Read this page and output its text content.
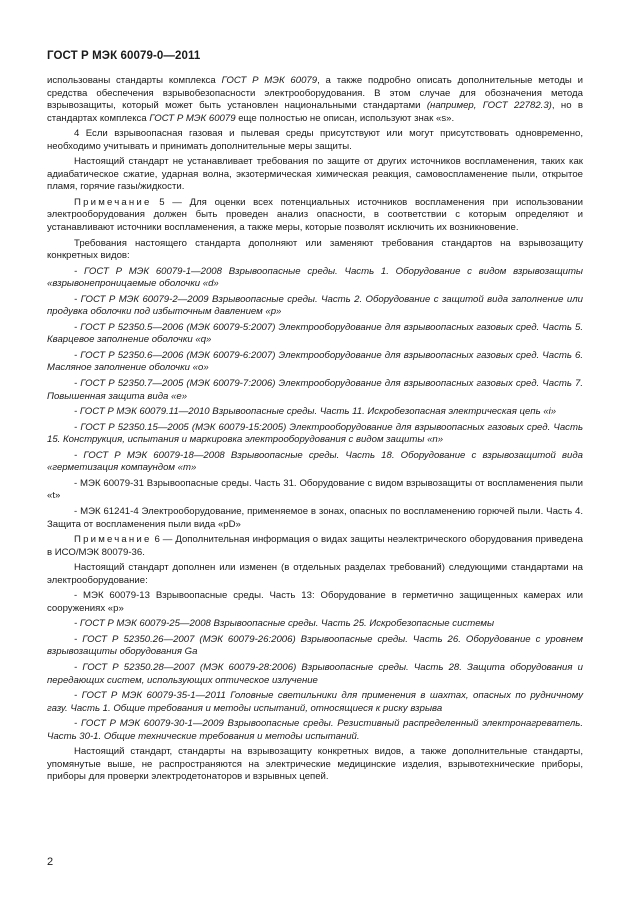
ГОСТ Р МЭК 60079-0—2011

использованы стандарты комплекса ГОСТ Р МЭК 60079, а также подробно описать дополнительные методы и средства обеспечения взрывобезопасности электрооборудования. В этом случае для обозначения метода взрывозащиты, который может быть установлен национальными стандартами (например, ГОСТ 22782.3), но в стандартах комплекса ГОСТ Р МЭК 60079 еще полностью не описан, используют знак «s».

4 Если взрывоопасная газовая и пылевая среды присутствуют или могут присутствовать одновременно, необходимо учитывать и принимать дополнительные меры защиты.

Настоящий стандарт не устанавливает требования по защите от других источников воспламенения, таких как адиабатическое сжатие, ударная волна, экзотермическая химическая реакция, самовоспламенение пыли, открытое пламя, горячие газы/жидкости.

Примечание 5 — Для оценки всех потенциальных источников воспламенения при использовании электрооборудования должен быть проведен анализ опасности, в соответствии с которым определяют и устанавливают источники воспламенения, а также меры, которые позволят исключить их возникновение.

Требования настоящего стандарта дополняют или заменяют требования стандартов на взрывозащиту конкретных видов:

- ГОСТ Р МЭК 60079-1—2008 Взрывоопасные среды. Часть 1. Оборудование с видом взрывозащиты «взрывонепроницаемые оболочки «d»

- ГОСТ Р МЭК 60079-2—2009 Взрывоопасные среды. Часть 2. Оборудование с защитой вида заполнение или продувка оболочки под избыточным давлением «р»

- ГОСТ Р 52350.5—2006 (МЭК 60079-5:2007) Электрооборудование для взрывоопасных газовых сред. Часть 5. Кварцевое заполнение оболочки «q»

- ГОСТ Р 52350.6—2006 (МЭК 60079-6:2007) Электрооборудование для взрывоопасных газовых сред. Часть 6. Масляное заполнение оболочки «о»

- ГОСТ Р 52350.7—2005 (МЭК 60079-7:2006) Электрооборудование для взрывоопасных газовых сред. Часть 7. Повышенная защита вида «е»

- ГОСТ Р МЭК 60079.11—2010 Взрывоопасные среды. Часть 11. Искробезопасная электрическая цепь «i»

- ГОСТ Р 52350.15—2005 (МЭК 60079-15:2005) Электрооборудование для взрывоопасных газовых сред. Часть 15. Конструкция, испытания и маркировка электрооборудования с видом защиты «n»

- ГОСТ Р МЭК 60079-18—2008 Взрывоопасные среды. Часть 18. Оборудование с взрывозащитой вида «герметизация компаундом «m»

- МЭК 60079-31 Взрывоопасные среды. Часть 31. Оборудование с видом взрывозащиты от воспламенения пыли «t»

- МЭК 61241-4 Электрооборудование, применяемое в зонах, опасных по воспламенению горючей пыли. Часть 4. Защита от воспламенения пыли вида «рD»

Примечание 6 — Дополнительная информация о видах защиты неэлектрического оборудования приведена в ИСО/МЭК 80079-36.

Настоящий стандарт дополнен или изменен (в отдельных разделах требований) следующими стандартами на электрооборудование:

- МЭК 60079-13 Взрывоопасные среды. Часть 13: Оборудование в герметично защищенных камерах или сооружениях «р»

- ГОСТ Р МЭК 60079-25—2008 Взрывоопасные среды. Часть 25. Искробезопасные системы

- ГОСТ Р 52350.26—2007 (МЭК 60079-26:2006) Взрывоопасные среды. Часть 26. Оборудование с уровнем взрывозащиты оборудования Ga

- ГОСТ Р 52350.28—2007 (МЭК 60079-28:2006) Взрывоопасные среды. Часть 28. Защита оборудования и передающих систем, использующих оптическое излучение

- ГОСТ Р МЭК 60079-35-1—2011 Головные светильники для применения в шахтах, опасных по рудничному газу. Часть 1. Общие требования и методы испытаний, относящиеся к риску взрыва

- ГОСТ Р МЭК 60079-30-1—2009 Взрывоопасные среды. Резистивный распределенный электронагреватель. Часть 30-1. Общие технические требования и методы испытаний.

Настоящий стандарт, стандарты на взрывозащиту конкретных видов, а также дополнительные стандарты, упомянутые выше, не распространяются на электрические медицинские изделия, взрывотехнические приборы, приборы для проверки электродетонаторов и взрывных цепей.

2
